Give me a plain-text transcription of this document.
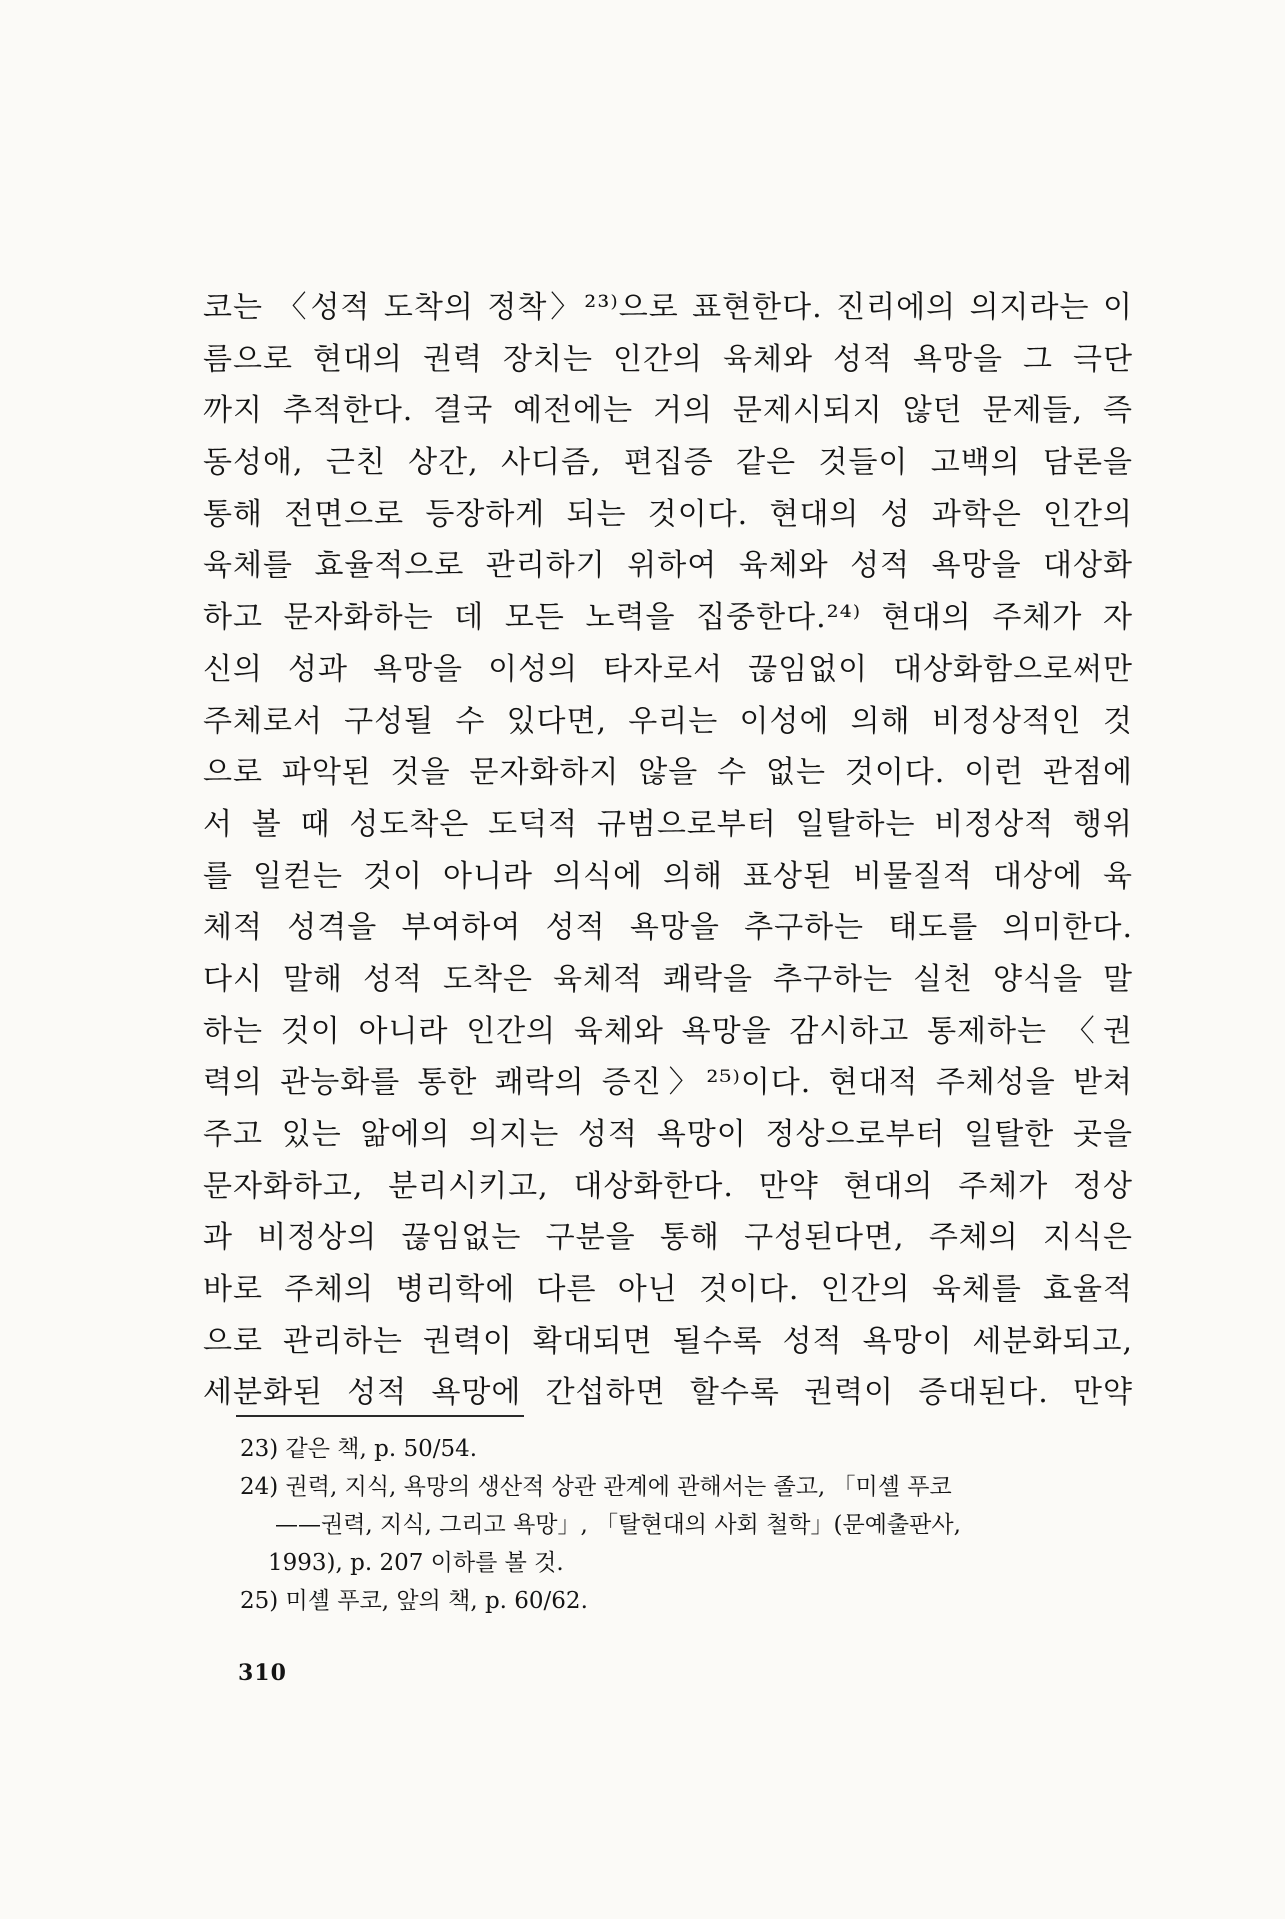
코는 〈성적 도착의 정착〉²³⁾으로 표현한다. 진리에의 의지라는 이
름으로 현대의 권력 장치는 인간의 육체와 성적 욕망을 그 극단
까지 추적한다. 결국 예전에는 거의 문제시되지 않던 문제들, 즉
동성애, 근친 상간, 사디즘, 편집증 같은 것들이 고백의 담론을
통해 전면으로 등장하게 되는 것이다. 현대의 성 과학은 인간의
육체를 효율적으로 관리하기 위하여 육체와 성적 욕망을 대상화
하고 문자화하는 데 모든 노력을 집중한다.²⁴⁾ 현대의 주체가 자
신의 성과 욕망을 이성의 타자로서 끊임없이 대상화함으로써만
주체로서 구성될 수 있다면, 우리는 이성에 의해 비정상적인 것
으로 파악된 것을 문자화하지 않을 수 없는 것이다. 이런 관점에
서 볼 때 성도착은 도덕적 규범으로부터 일탈하는 비정상적 행위
를 일컫는 것이 아니라 의식에 의해 표상된 비물질적 대상에 육
체적 성격을 부여하여 성적 욕망을 추구하는 태도를 의미한다.
다시 말해 성적 도착은 육체적 쾌락을 추구하는 실천 양식을 말
하는 것이 아니라 인간의 육체와 욕망을 감시하고 통제하는 〈권
력의 관능화를 통한 쾌락의 증진〉²⁵⁾이다. 현대적 주체성을 받쳐
주고 있는 앎에의 의지는 성적 욕망이 정상으로부터 일탈한 곳을
문자화하고, 분리시키고, 대상화한다. 만약 현대의 주체가 정상
과 비정상의 끊임없는 구분을 통해 구성된다면, 주체의 지식은
바로 주체의 병리학에 다른 아닌 것이다. 인간의 육체를 효율적
으로 관리하는 권력이 확대되면 될수록 성적 욕망이 세분화되고,
세분화된 성적 욕망에 간섭하면 할수록 권력이 증대된다. 만약
23) 같은 책, p. 50/54.
24) 권력, 지식, 욕망의 생산적 상관 관계에 관해서는 졸고, 「미셸 푸코
——권력, 지식, 그리고 욕망」, 「탈현대의 사회 철학」(문예출판사,
1993), p. 207 이하를 볼 것.
25) 미셸 푸코, 앞의 책, p. 60/62.
310
